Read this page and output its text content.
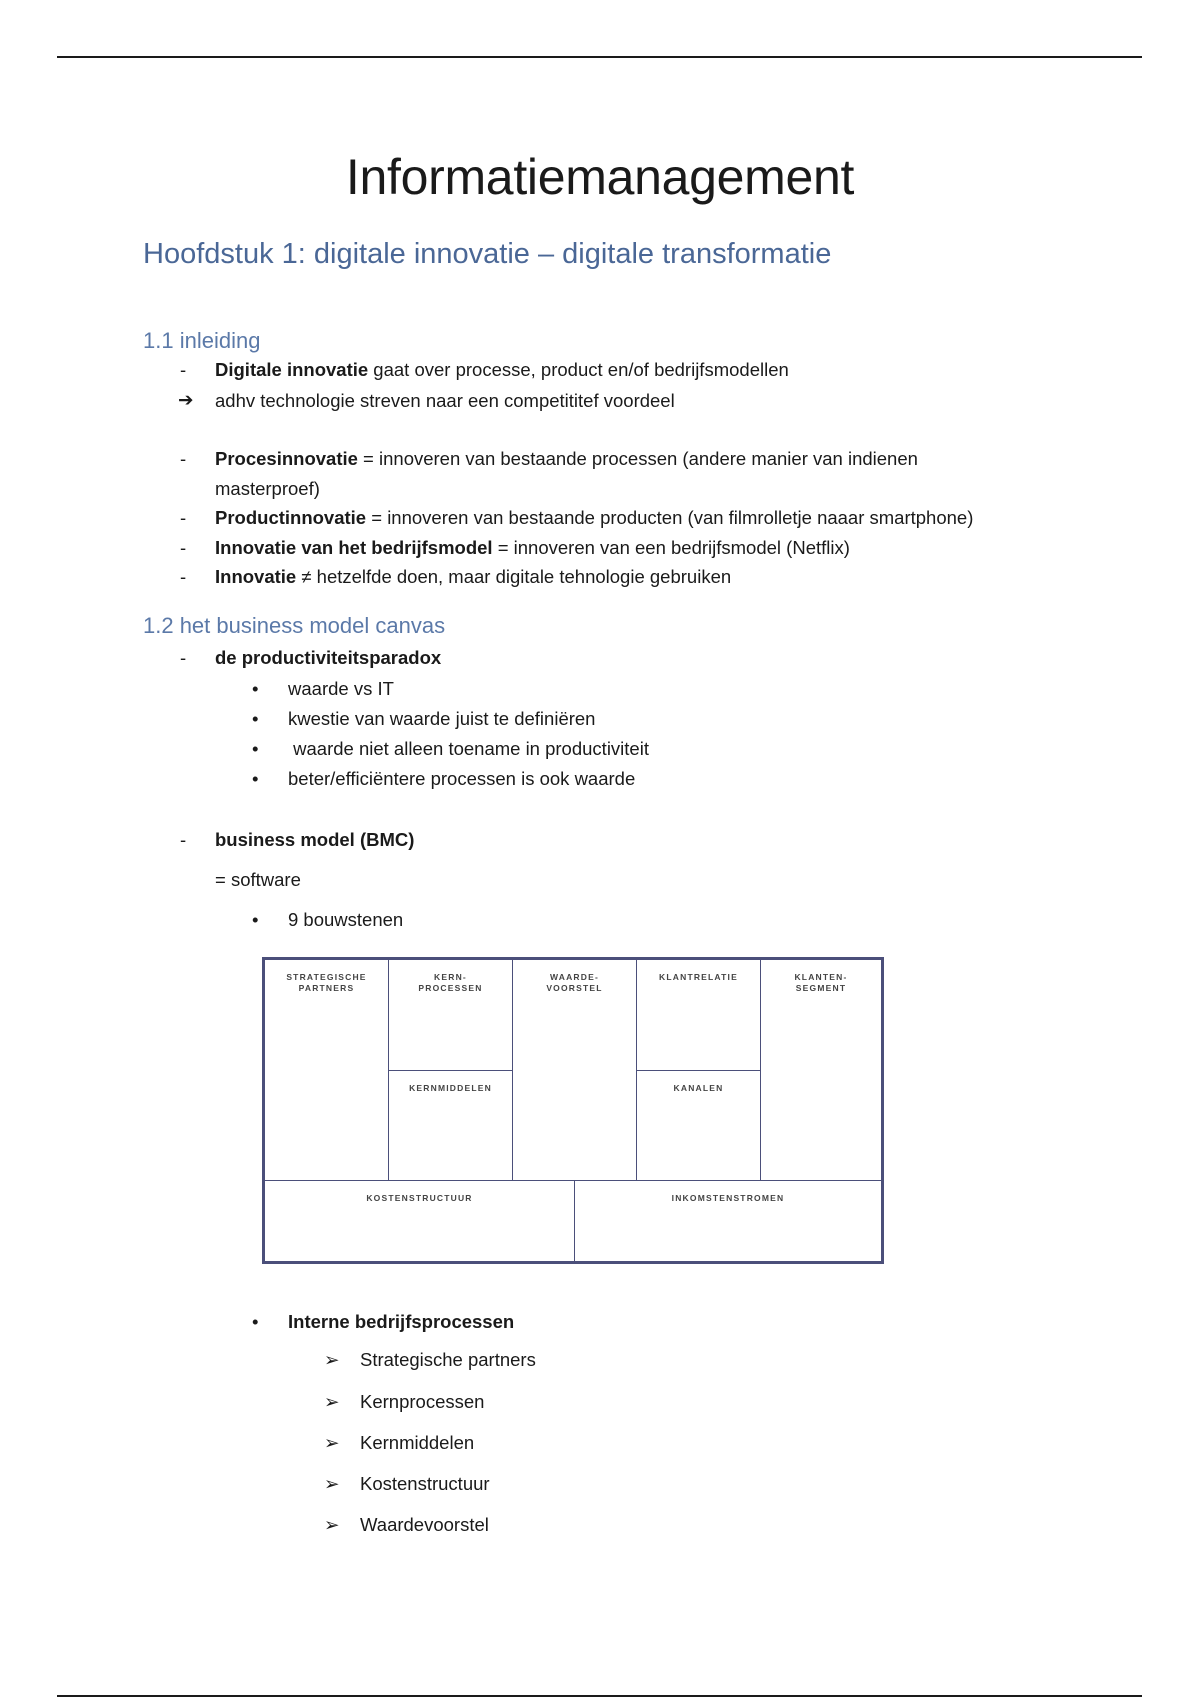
Informatiemanagement
Hoofdstuk 1: digitale innovatie – digitale transformatie
1.1 inleiding
- Digitale innovatie gaat over processe, product en/of bedrijfsmodellen
➔ adhv technologie streven naar een competititef voordeel
- Procesinnovatie = innoveren van bestaande processen (andere manier van indienen
masterproef)
- Productinnovatie = innoveren van bestaande producten (van filmrolletje naaar smartphone)
- Innovatie van het bedrijfsmodel = innoveren van een bedrijfsmodel (Netflix)
- Innovatie ≠ hetzelfde doen, maar digitale tehnologie gebruiken
1.2 het business model canvas
- de productiviteitsparadox
• waarde vs IT
• kwestie van waarde juist te definiëren
• waarde niet alleen toename in productiviteit
• beter/efficiëntere processen is ook waarde
- business model (BMC)
= software
• 9 bouwstenen
STRATEGISCHE PARTNERS
KERN- PROCESSEN
KERNMIDDELEN
WAARDE- VOORSTEL
KLANTRELATIE
KANALEN
KLANTEN- SEGMENT
KOSTENSTRUCTUUR	INKOMSTENSTROMEN
• Interne bedrijfsprocessen
➢ Strategische partners
➢ Kernprocessen
➢ Kernmiddelen
➢ Kostenstructuur
➢ Waardevoorstel
